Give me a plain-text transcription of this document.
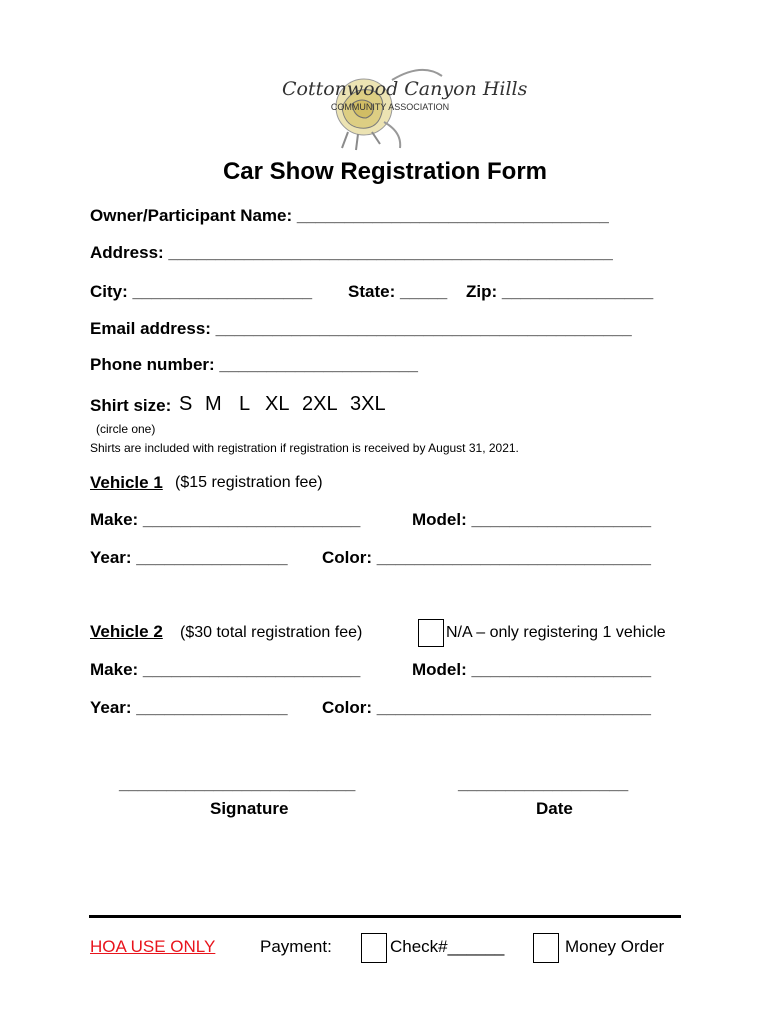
Cottonwood Canyon Hills
COMMUNITY ASSOCIATION
Car Show Registration Form
Owner/Participant Name: _________________________________
Address: _______________________________________________
City: ___________________ State: _____ Zip: ________________
Email address: ____________________________________________
Phone number: _____________________
Shirt size: S M L XL 2XL 3XL
(circle one)
Shirts are included with registration if registration is received by August 31, 2021.
Vehicle 1 ($15 registration fee)
Make: _______________________	Model: ___________________
Year: ________________ Color: _____________________________
Vehicle 2 ($30 total registration fee)	N/A – only registering 1 vehicle
Make: _______________________	Model: ___________________
Year: ________________ Color: _____________________________
_________________________
Signature
__________________
Date
HOA USE ONLY	Payment:	Check#______	Money Order
